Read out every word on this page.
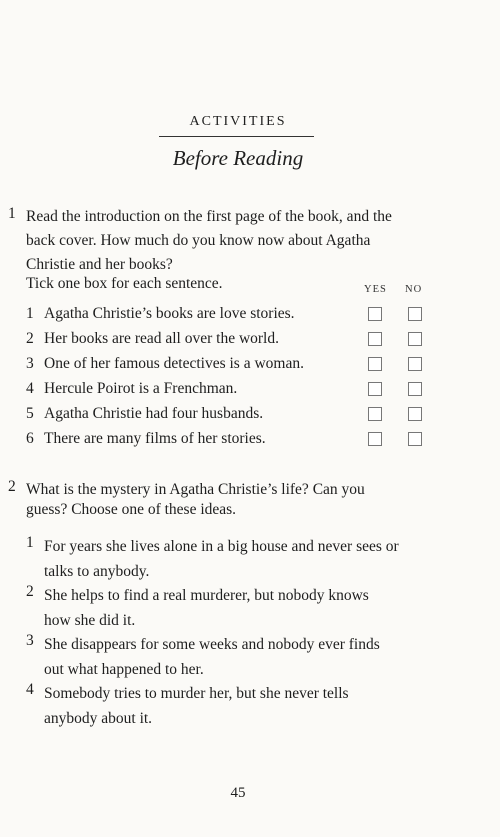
ACTIVITIES
Before Reading
1 Read the introduction on the first page of the book, and the
back cover. How much do you know now about Agatha
Christie and her books?
Tick one box for each sentence.	YES NO
1 Agatha Christie’s books are love stories.
2 Her books are read all over the world.
3 One of her famous detectives is a woman.
4 Hercule Poirot is a Frenchman.
5 Agatha Christie had four husbands.
6 There are many films of her stories.
2 What is the mystery in Agatha Christie’s life? Can you
guess? Choose one of these ideas.
1 For years she lives alone in a big house and never sees or
talks to anybody.
2 She helps to find a real murderer, but nobody knows
how she did it.
3 She disappears for some weeks and nobody ever finds
out what happened to her.
4 Somebody tries to murder her, but she never tells
anybody about it.
45
